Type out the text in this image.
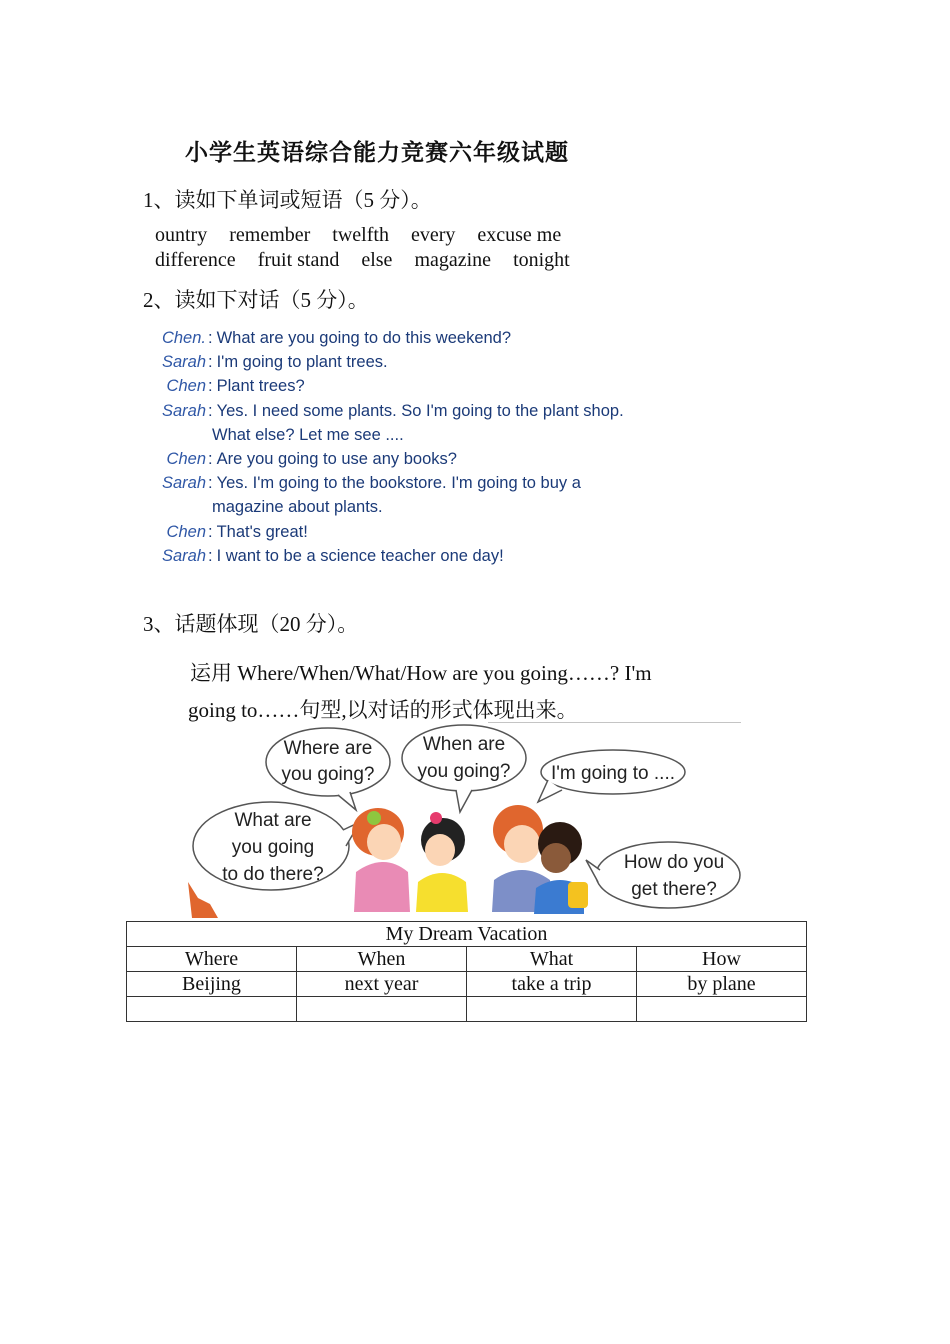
小学生英语综合能力竞赛六年级试题
1、读如下单词或短语（5 分）。
ountry remember twelfth every excuse me
difference fruit stand else magazine tonight
2、读如下对话（5 分）。
Chen. : What are you going to do this weekend?
Sarah : I'm going to plant trees.
Chen : Plant trees?
Sarah : Yes. I need some plants. So I'm going to the plant shop.
What else? Let me see ....
Chen : Are you going to use any books?
Sarah : Yes. I'm going to the bookstore. I'm going to buy a
magazine about plants.
Chen : That's great!
Sarah : I want to be a science teacher one day!
3、话题体现（20 分）。
运用 Where/When/What/How are you going……? I'm
going to……句型,以对话的形式体现出来。
Where are
you going?
When are
you going? I'm going to ....
What are
you going
to do there?
How do you
get there?
My Dream Vacation			
Where	When	What	How
Beijing	next year	take a trip	by plane
